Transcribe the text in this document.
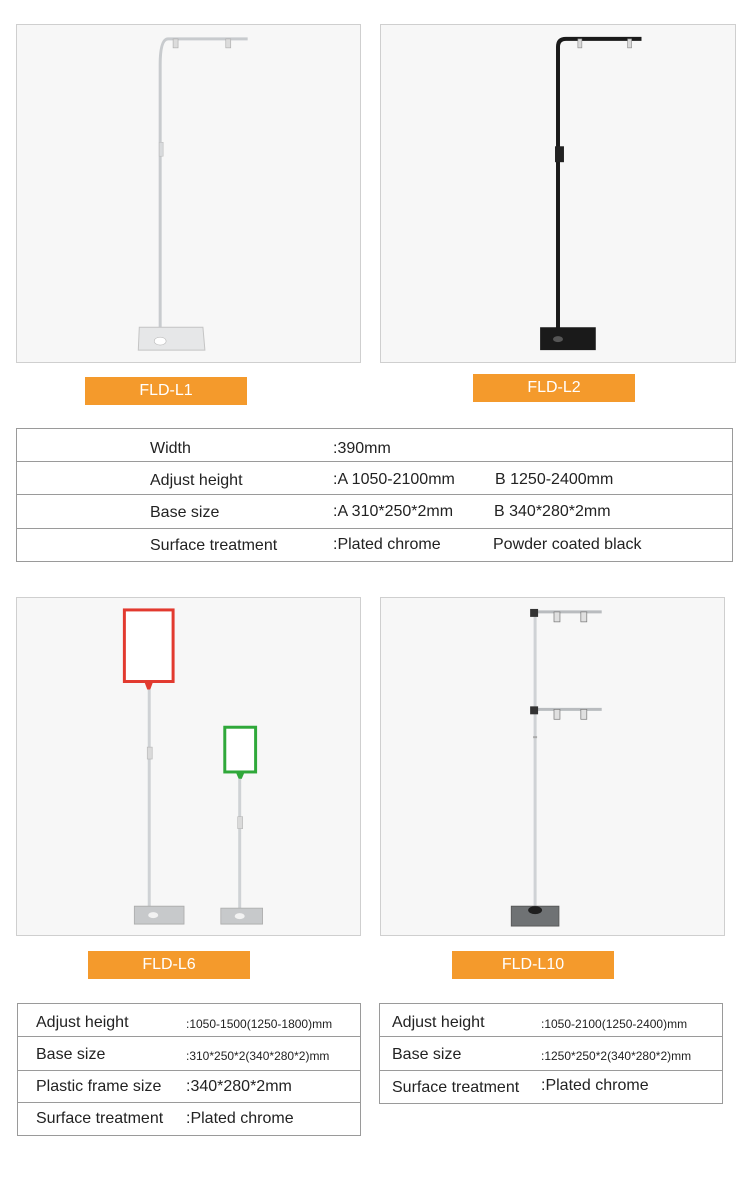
FLD-L1	FLD-L2
Width	:390mm
Adjust height	:A 1050-2100mm	B 1250-2400mm
Base size	:A 310*250*2mm	B 340*280*2mm
Surface treatment	:Plated chrome	Powder coated black
FLD-L6	FLD-L10
Adjust height	:1050-1500(1250-1800)mm
Base size	:310*250*2(340*280*2)mm
Plastic frame size :340*280*2mm
Surface treatment :Plated chrome
Adjust height	:1050-2100(1250-2400)mm
Base size	:1250*250*2(340*280*2)mm
Surface treatment :Plated chrome
